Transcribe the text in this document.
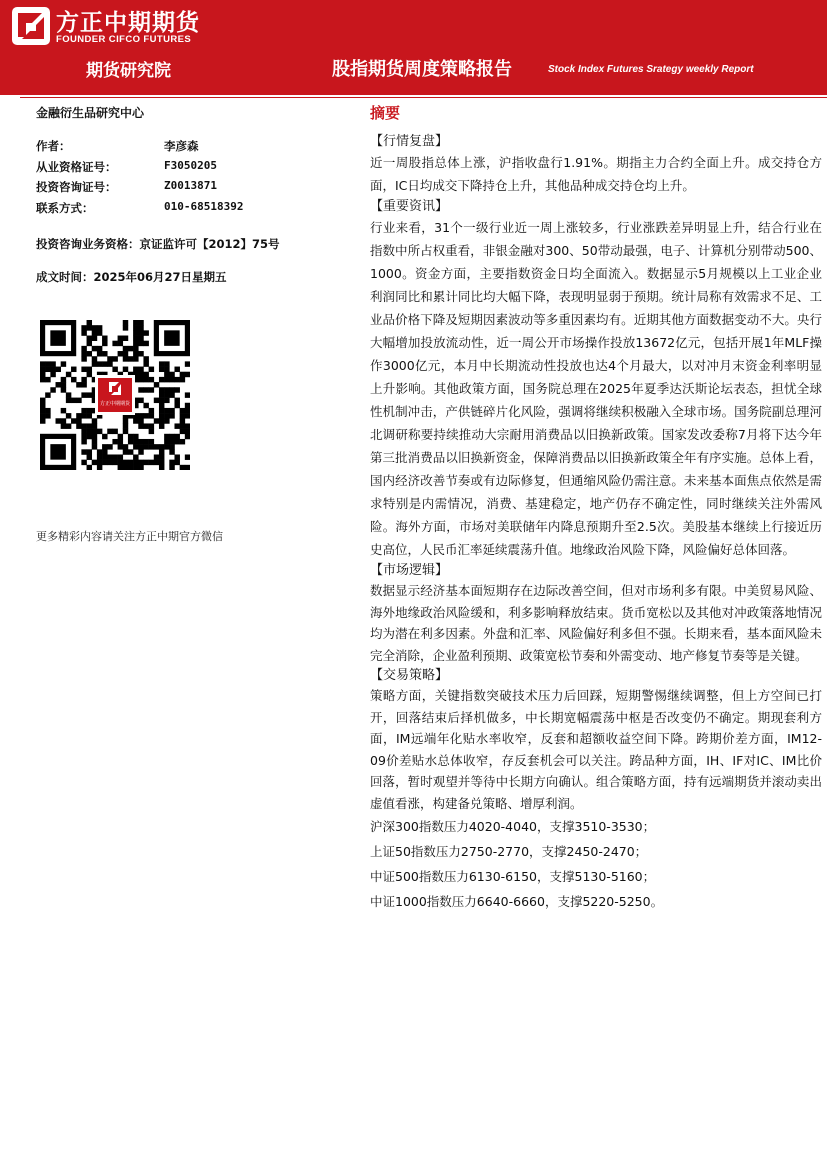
方正中期期货
FOUNDER CIFCO FUTURES
期货研究院	股指期货周度策略报告	Stock Index Futures Srategy weekly Report
金融衍生品研究中心
作者：	李彦森
从业资格证号：	F3050205
投资咨询证号：	Z0013871
联系方式：	010-68518392
投资咨询业务资格：京证监许可【2012】75号
成文时间：2025年06月27日星期五
方正中期期货
更多精彩内容请关注方正中期官方微信
摘要
【行情复盘】

近一周股指总体上涨，沪指收盘行1.91%。期指主力合约全面上升。成交持仓方面，IC日均成交下降持仓上升，其他品种成交持仓均上升。

【重要资讯】

行业来看，31个一级行业近一周上涨较多，行业涨跌差异明显上升，结合行业在指数中所占权重看，非银金融对300、50带动最强，电子、计算机分别带动500、1000。资金方面，主要指数资金日均全面流入。数据显示5月规模以上工业企业利润同比和累计同比均大幅下降，表现明显弱于预期。统计局称有效需求不足、工业品价格下降及短期因素波动等多重因素均有。近期其他方面数据变动不大。央行大幅增加投放流动性，近一周公开市场操作投放13672亿元，包括开展1年MLF操作3000亿元，本月中长期流动性投放也达4个月最大，以对冲月末资金利率明显上升影响。其他政策方面，国务院总理在2025年夏季达沃斯论坛表态，担忧全球性机制冲击，产供链碎片化风险，强调将继续积极融入全球市场。国务院副总理河北调研称要持续推动大宗耐用消费品以旧换新政策。国家发改委称7月将下达今年第三批消费品以旧换新资金，保障消费品以旧换新政策全年有序实施。总体上看，国内经济改善节奏或有边际修复，但通缩风险仍需注意。未来基本面焦点依然是需求特别是内需情况，消费、基建稳定，地产仍存不确定性，同时继续关注外需风险。海外方面，市场对美联储年内降息预期升至2.5次。美股基本继续上行接近历史高位，人民币汇率延续震荡升值。地缘政治风险下降，风险偏好总体回落。

【市场逻辑】

数据显示经济基本面短期存在边际改善空间，但对市场利多有限。中美贸易风险、海外地缘政治风险缓和，利多影响释放结束。货币宽松以及其他对冲政策落地情况均为潜在利多因素。外盘和汇率、风险偏好利多但不强。长期来看，基本面风险未完全消除，企业盈利预期、政策宽松节奏和外需变动、地产修复节奏等是关键。

【交易策略】

策略方面，关键指数突破技术压力后回踩，短期警惕继续调整，但上方空间已打开，回落结束后择机做多，中长期宽幅震荡中枢是否改变仍不确定。期现套利方面，IM远端年化贴水率收窄，反套和超额收益空间下降。跨期价差方面，IM12-09价差贴水总体收窄，存反套机会可以关注。跨品种方面，IH、IF对IC、IM比价回落，暂时观望并等待中长期方向确认。组合策略方面，持有远端期货并滚动卖出虚值看涨，构建备兑策略、增厚利润。

沪深300指数压力4020-4040，支撑3510-3530；
上证50指数压力2750-2770，支撑2450-2470；
中证500指数压力6130-6150，支撑5130-5160；
中证1000指数压力6640-6660，支撑5220-5250。
